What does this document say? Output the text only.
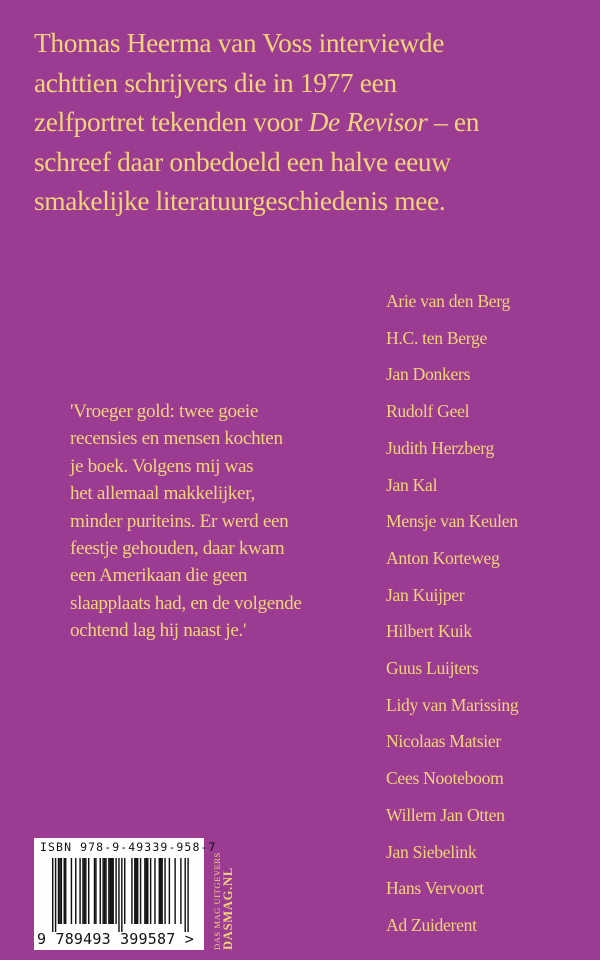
Thomas Heerma van Voss interviewde
achttien schrijvers die in 1977 een
zelfportret tekenden voor De Revisor – en
schreef daar onbedoeld een halve eeuw
smakelijke literatuurgeschiedenis mee.

'Vroeger gold: twee goeie
recensies en mensen kochten
je boek. Volgens mij was
het allemaal makkelijker,
minder puriteins. Er werd een
feestje gehouden, daar kwam
een Amerikaan die geen
slaapplaats had, en de volgende
ochtend lag hij naast je.'

Arie van den Berg
H.C. ten Berge
Jan Donkers
Rudolf Geel
Judith Herzberg
Jan Kal
Mensje van Keulen
Anton Korteweg
Jan Kuijper
Hilbert Kuik
Guus Luijters
Lidy van Marissing
Nicolaas Matsier
Cees Nooteboom
Willem Jan Otten
Jan Siebelink
Hans Vervoort
Ad Zuiderent
ISBN 978-9-49339-958-7
9 789493 399587 > DAS MAG UITGEVERS DASMAG.NL
